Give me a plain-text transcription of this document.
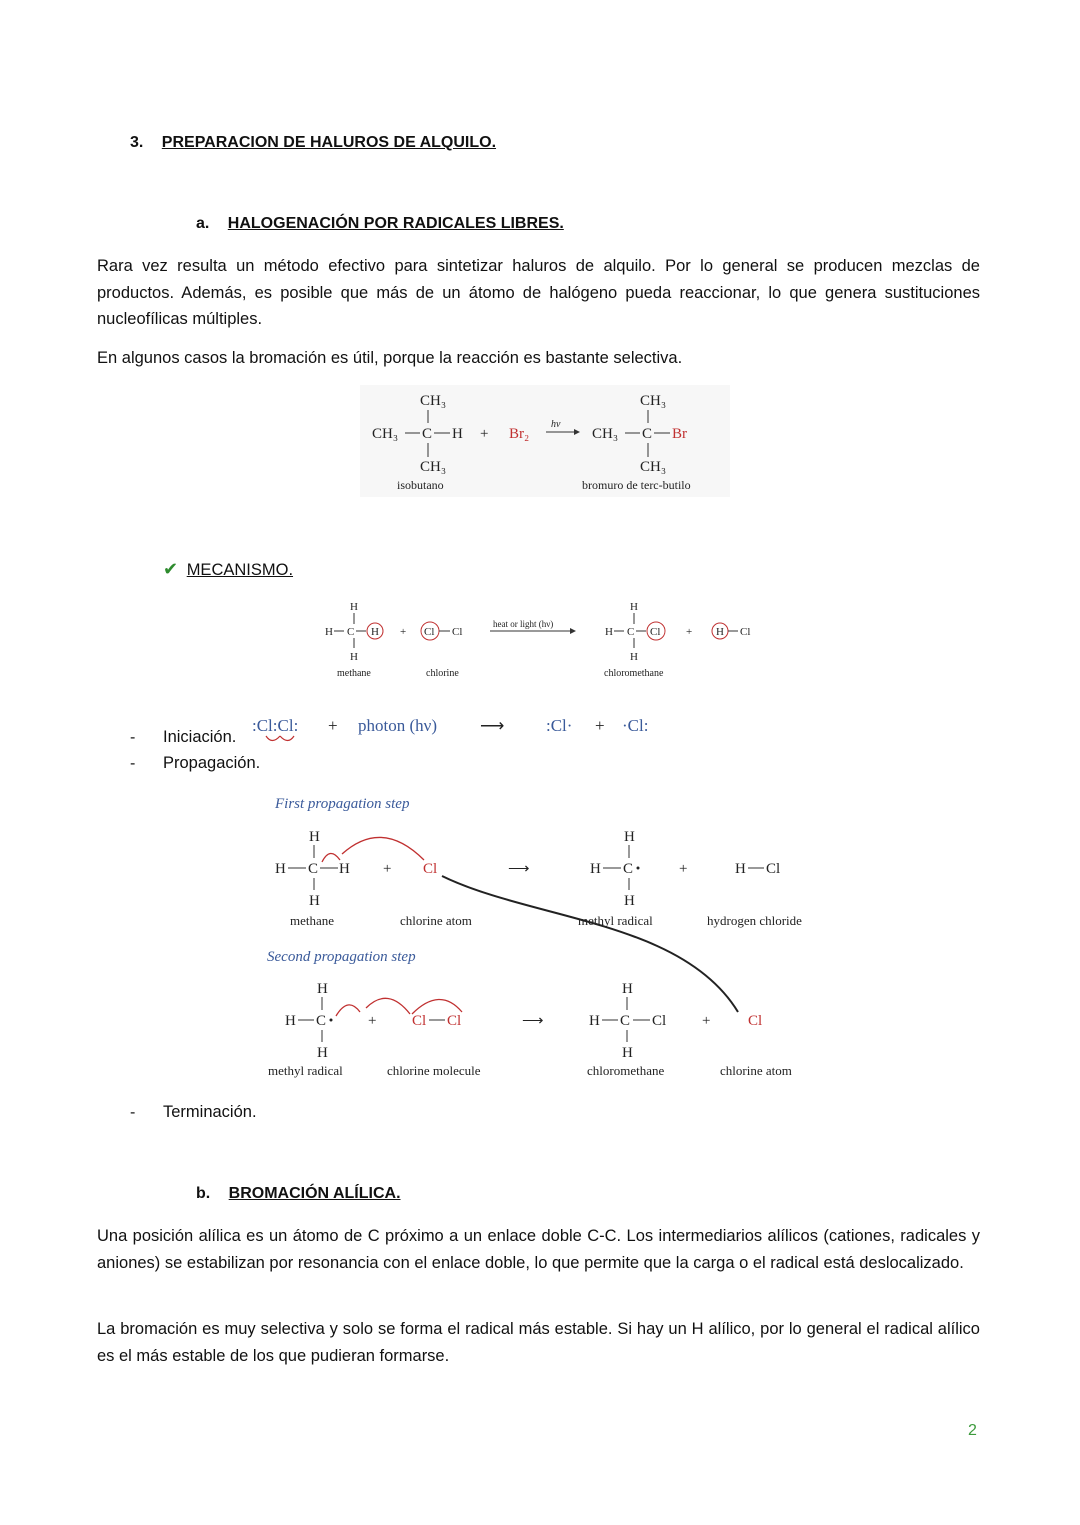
3. PREPARACION DE HALUROS DE ALQUILO.
a. HALOGENACIÓN POR RADICALES LIBRES.
Rara vez resulta un método efectivo para sintetizar haluros de alquilo. Por lo general se producen mezclas de productos. Además, es posible que más de un átomo de halógeno pueda reaccionar, lo que genera sustituciones nucleofílicas múltiples.
En algunos casos la bromación es útil, porque la reacción es bastante selectiva.
CH₃
CH₃ C H
CH₃
+ Br₂
hv
CH₃
CH₃ C Br
CH₃
isobutano	bromuro de terc-butilo
✔ MECANISMO.
H
H C H
H
+ Cl Cl
heat or light (hν)
H
H C Cl
H
+ H Cl
methane	chlorine	chloromethane
- Iniciación.
:Cl:Cl: + photon (hν)	⟶ :Cl· + ·Cl:
- Propagación.
First propagation step
Second propagation step
H
H C H
H
+ Cl	⟶
H
H C
H
+	H Cl
H
H C
H
+ Cl Cl	⟶
H
H C Cl
H
+	Cl
methane	chlorine atom	methyl radical	hydrogen chloride
methyl radical	chlorine molecule	chloromethane	chlorine atom
- Terminación.
b. BROMACIÓN ALÍLICA.
Una posición alílica es un átomo de C próximo a un enlace doble C-C. Los intermediarios alílicos (cationes, radicales y aniones) se estabilizan por resonancia con el enlace doble, lo que permite que la carga o el radical está deslocalizado.
La bromación es muy selectiva y solo se forma el radical más estable. Si hay un H alílico, por lo general el radical alílico es el más estable de los que pudieran formarse.
2
